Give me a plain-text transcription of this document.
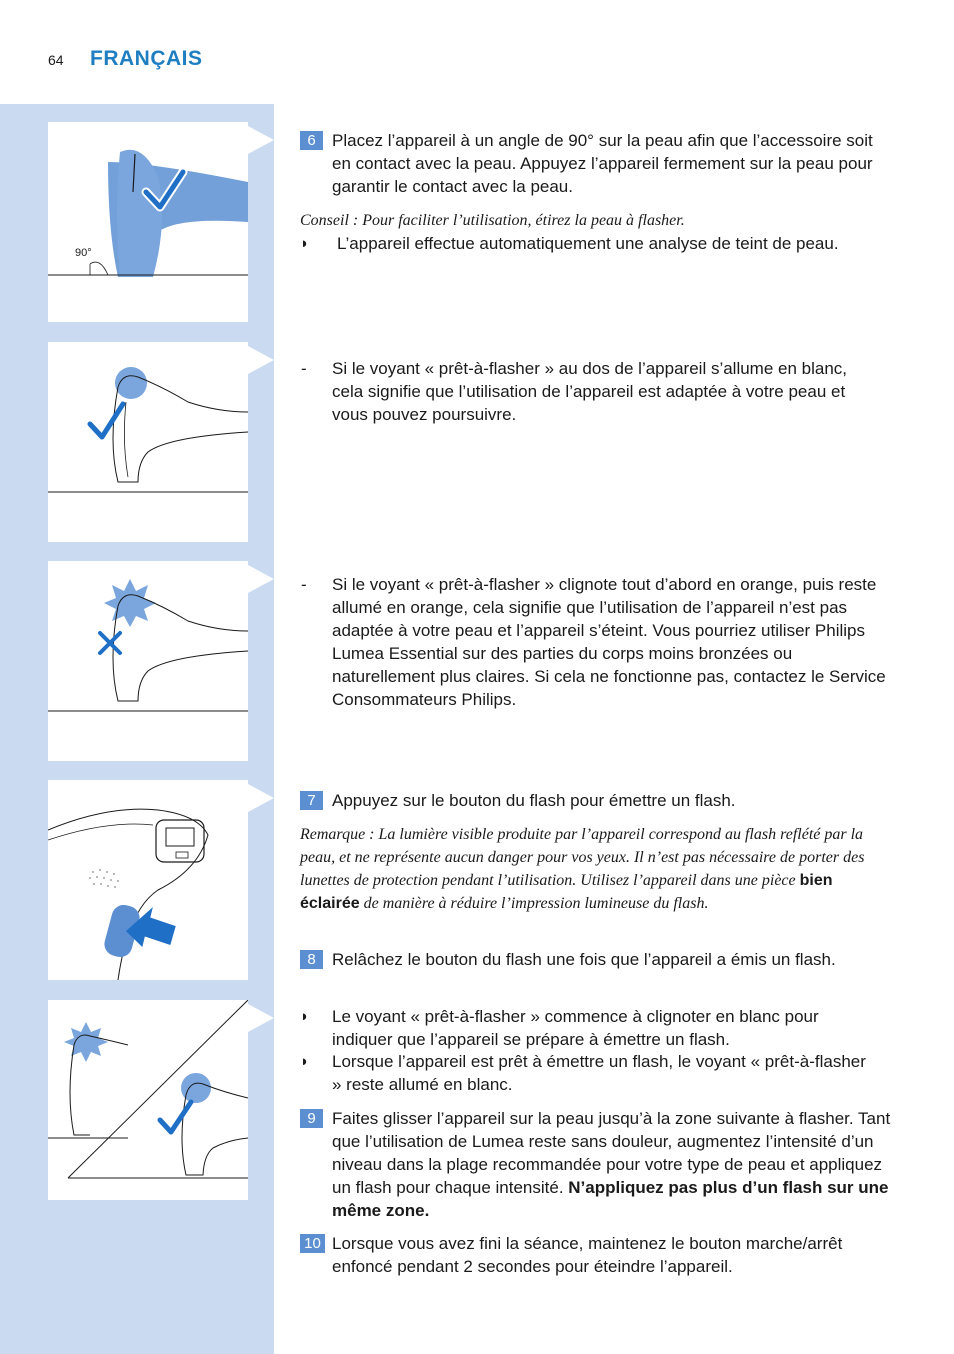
64 FRANÇAIS
90°
6 Placez l’appareil à un angle de 90° sur la peau afin que l’accessoire soit en contact avec la peau. Appuyez l’appareil fermement sur la peau pour garantir le contact avec la peau.
Conseil : Pour faciliter l’utilisation, étirez la peau à flasher.
◗ L’appareil effectue automatiquement une analyse de teint de peau.
- Si le voyant « prêt-à-flasher » au dos de l’appareil s’allume en blanc, cela signifie que l’utilisation de l’appareil est adaptée à votre peau et vous pouvez poursuivre.
- Si le voyant « prêt-à-flasher » clignote tout d’abord en orange, puis reste allumé en orange, cela signifie que l’utilisation de l’appareil n’est pas adaptée à votre peau et l’appareil s’éteint. Vous pourriez utiliser Philips Lumea Essential sur des parties du corps moins bronzées ou naturellement plus claires. Si cela ne fonctionne pas, contactez le Service Consommateurs Philips.
7 Appuyez sur le bouton du flash pour émettre un flash.
Remarque : La lumière visible produite par l’appareil correspond au flash reflété par la peau, et ne représente aucun danger pour vos yeux. Il n’est pas nécessaire de porter des lunettes de protection pendant l’utilisation. Utilisez l’appareil dans une pièce bien éclairée de manière à réduire l’impression lumineuse du flash.
8 Relâchez le bouton du flash une fois que l’appareil a émis un flash.
◗ Le voyant « prêt-à-flasher » commence à clignoter en blanc pour indiquer que l’appareil se prépare à émettre un flash.
◗ Lorsque l’appareil est prêt à émettre un flash, le voyant « prêt-à-flasher » reste allumé en blanc.
9 Faites glisser l’appareil sur la peau jusqu’à la zone suivante à flasher. Tant que l’utilisation de Lumea reste sans douleur, augmentez l’intensité d’un niveau dans la plage recommandée pour votre type de peau et appliquez un flash pour chaque intensité. N’appliquez pas plus d’un flash sur une même zone.
10 Lorsque vous avez fini la séance, maintenez le bouton marche/arrêt enfoncé pendant 2 secondes pour éteindre l’appareil.
